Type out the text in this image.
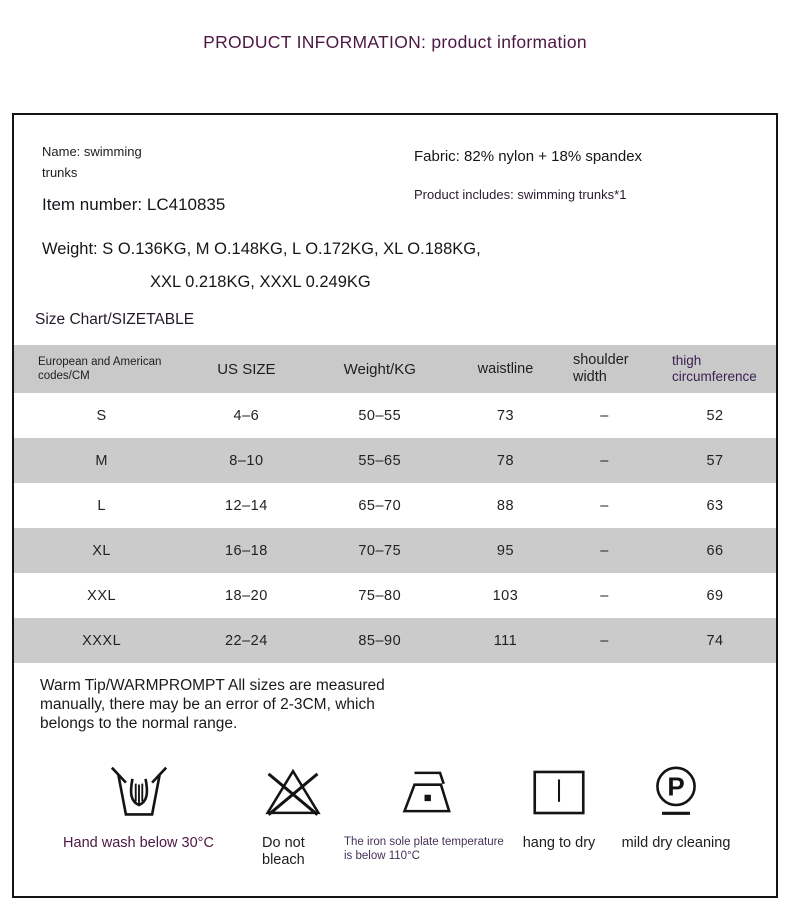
PRODUCT INFORMATION: product information
Name: swimming trunks
Item number: LC410835
Fabric: 82% nylon + 18% spandex
Product includes: swimming trunks*1
Weight: S O.136KG, M O.148KG, L O.172KG, XL O.188KG,
XXL 0.218KG, XXXL 0.249KG
Size Chart/SIZETABLE
European and American codes/CM	US SIZE	Weight/KG	waistline	shoulder width	thigh circumference
S	4–6	50–55	73	–	52
M	8–10	55–65	78	–	57
L	12–14	65–70	88	–	63
XL	16–18	70–75	95	–	66
XXL	18–20	75–80	103	–	69
XXXL	22–24	85–90	111	–	74
Warm Tip/WARMPROMPT All sizes are measured manually, there may be an error of 2-3CM, which belongs to the normal range.
Hand wash below 30°C	Do not bleach
The iron sole plate temperature is below 110°C
hang to dry
P
mild dry cleaning
